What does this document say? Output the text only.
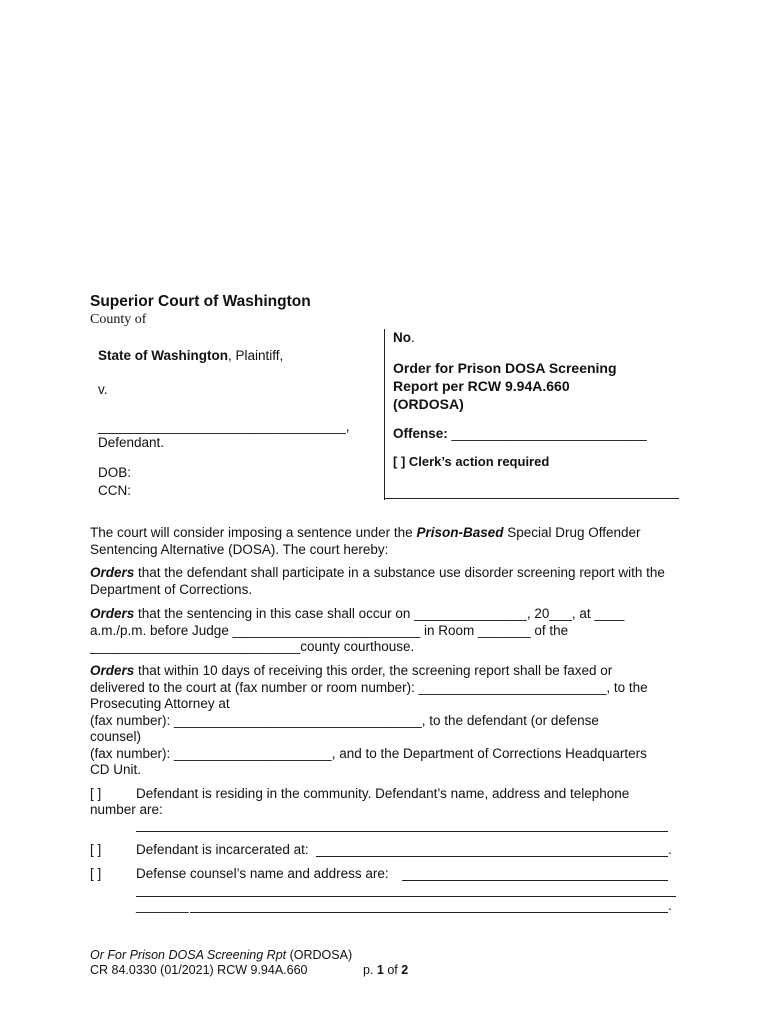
Superior Court of Washington
County of
State of Washington, Plaintiff,
v.
_________________________________,
Defendant.
DOB:
CCN:
No.
Order for Prison DOSA Screening
Report per RCW 9.94A.660
(ORDOSA)
Offense: __________________________
[ ] Clerk’s action required

The court will consider imposing a sentence under the Prison-Based Special Drug Offender Sentencing Alternative (DOSA). The court hereby:

Orders that the defendant shall participate in a substance use disorder screening report with the Department of Corrections.

Orders that the sentencing in this case shall occur on _______________, 20___, at ____
a.m./p.m. before Judge _________________________ in Room _______ of the
____________________________county courthouse.
Orders that within 10 days of receiving this order, the screening report shall be faxed or
delivered to the court at (fax number or room number): _________________________, to the
Prosecuting Attorney at
(fax number): _________________________________, to the defendant (or defense
counsel)
(fax number): _____________________, and to the Department of Corrections Headquarters
CD Unit.
[ ]	Defendant is residing in the community. Defendant’s name, address and telephone
number are:
[ ]	Defendant is incarcerated at:	.
[ ]	Defense counsel’s name and address are:
_______	.
Or For Prison DOSA Screening Rpt (ORDOSA)
CR 84.0330 (01/2021) RCW 9.94A.660	p. 1 of 2
